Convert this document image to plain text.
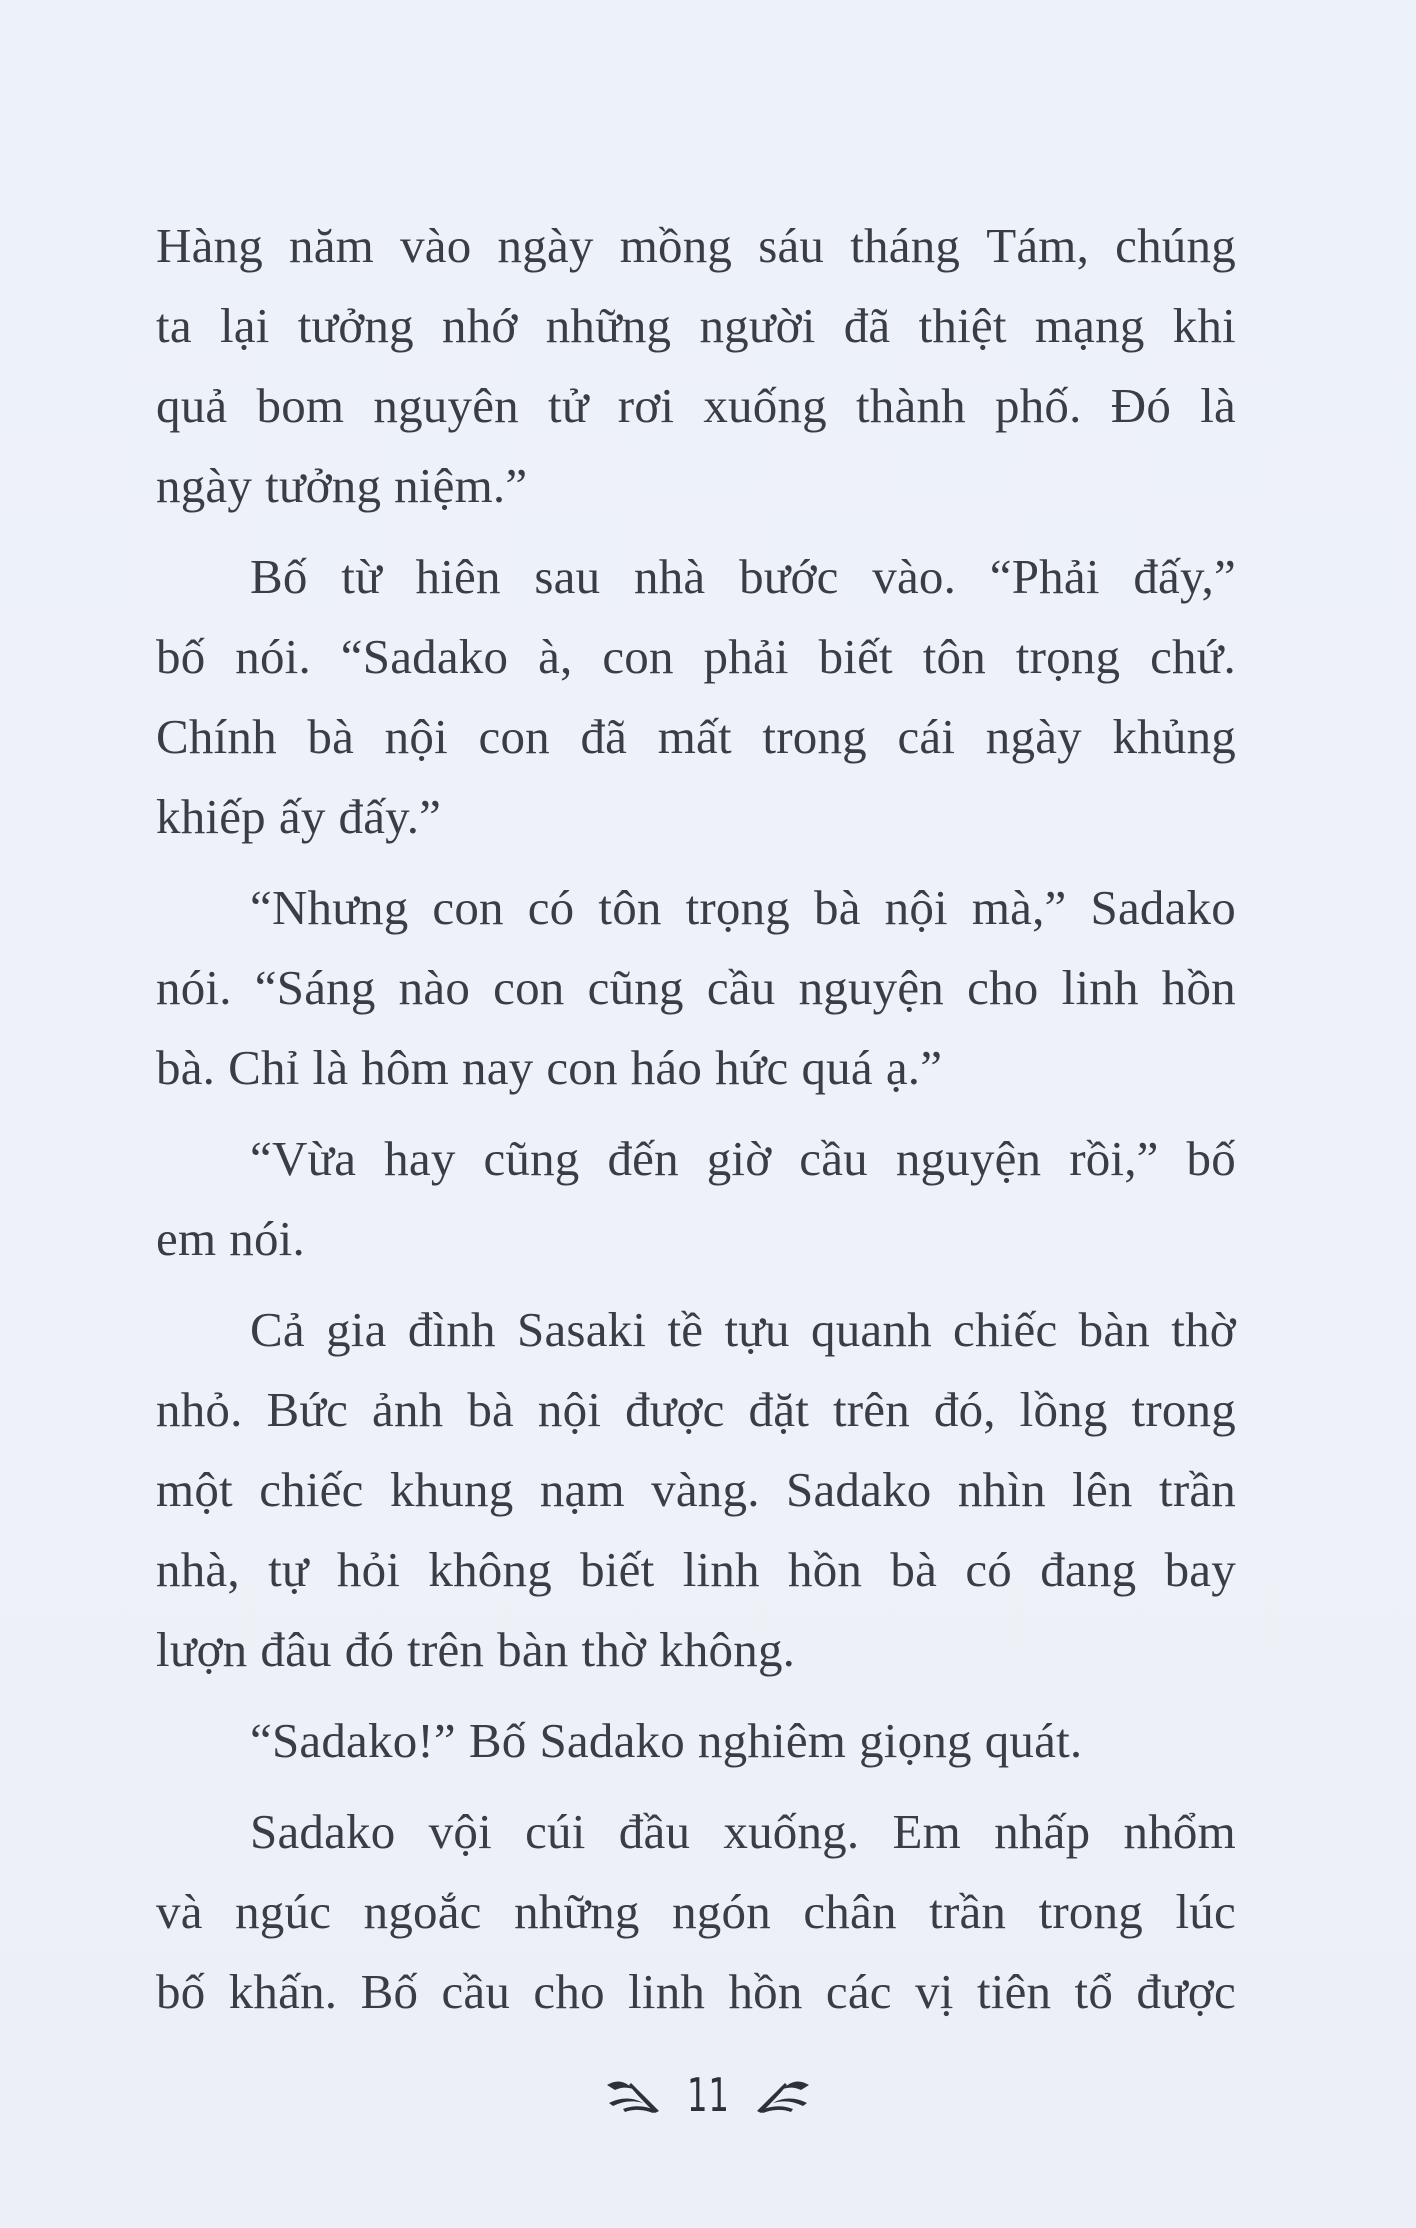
Hàng năm vào ngày mồng sáu tháng Tám, chúng
ta lại tưởng nhớ những người đã thiệt mạng khi
quả bom nguyên tử rơi xuống thành phố. Đó là
ngày tưởng niệm.”
Bố từ hiên sau nhà bước vào. “Phải đấy,”
bố nói. “Sadako à, con phải biết tôn trọng chứ.
Chính bà nội con đã mất trong cái ngày khủng
khiếp ấy đấy.”
“Nhưng con có tôn trọng bà nội mà,” Sadako
nói. “Sáng nào con cũng cầu nguyện cho linh hồn
bà. Chỉ là hôm nay con háo hức quá ạ.”
“Vừa hay cũng đến giờ cầu nguyện rồi,” bố
em nói.
Cả gia đình Sasaki tề tựu quanh chiếc bàn thờ
nhỏ. Bức ảnh bà nội được đặt trên đó, lồng trong
một chiếc khung nạm vàng. Sadako nhìn lên trần
nhà, tự hỏi không biết linh hồn bà có đang bay
lượn đâu đó trên bàn thờ không.
“Sadako!” Bố Sadako nghiêm giọng quát.
Sadako vội cúi đầu xuống. Em nhấp nhổm
và ngúc ngoắc những ngón chân trần trong lúc
bố khấn. Bố cầu cho linh hồn các vị tiên tổ được
11
